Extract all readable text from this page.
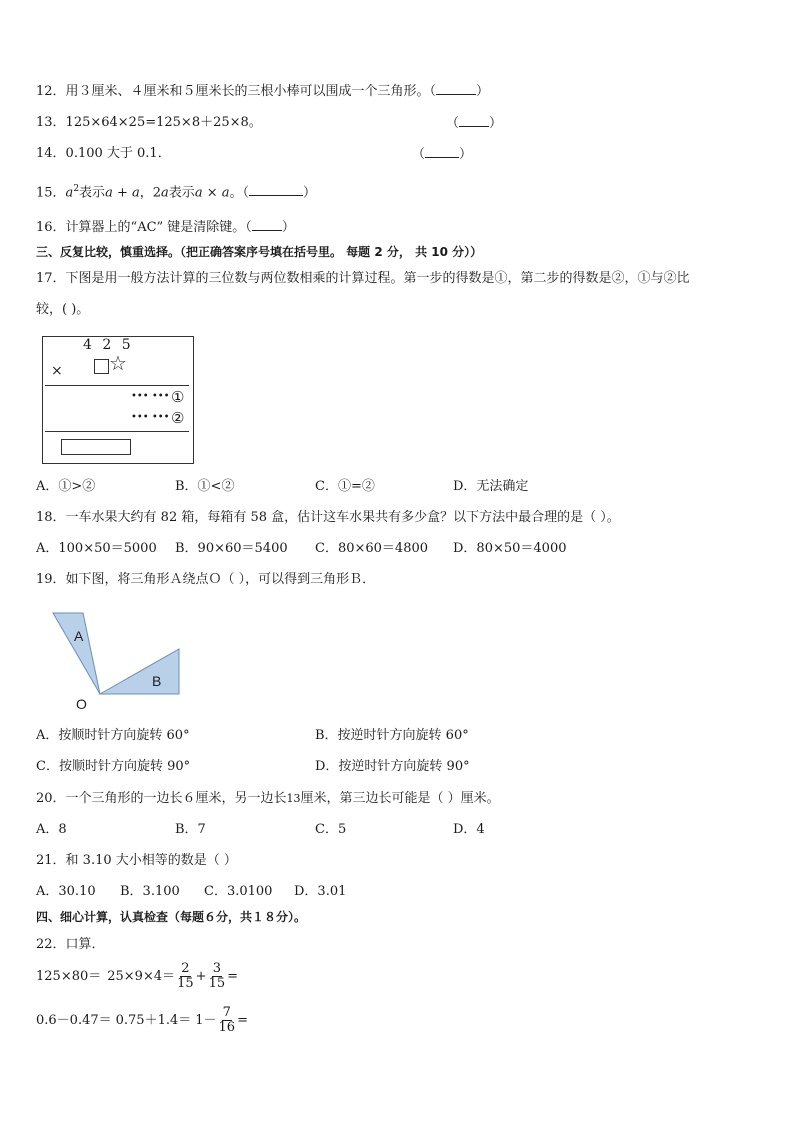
12．用３厘米、４厘米和５厘米长的三根小棒可以围成一个三角形。（	）
13．125×64×25=125×8＋25×8。	（ ）
14．0.100 大于 0.1．	（	）
15．$a^2$表示a + a，2a表示a × a。（	）
16．计算器上的“AC” 键是清除键。（ ）
三、反复比较，慎重选择。（把正确答案序号填在括号里。 每题 2 分， 共 10 分））
17．下图是用一般方法计算的三位数与两位数相乘的计算过程。第一步的得数是①，第二步的得数是②，①与②比
较，( )。
4 2 5
× ☆
••• ••• ①
••• ••• ②
A．①>②	B．①<②	C．①=②	D．无法确定
18．一车水果大约有 82 箱，每箱有 58 盒，估计这车水果共有多少盒？以下方法中最合理的是（ ）。
A．100×50＝5000 B．90×60＝5400 C．80×60＝4800 D．80×50＝4000
19．如下图，将三角形Ａ绕点Ｏ（ ），可以得到三角形Ｂ．
A
B
O
A．按顺时针方向旋转 60°	B．按逆时针方向旋转 60°
C．按顺时针方向旋转 90°	D．按逆时针方向旋转 90°
20．一个三角形的一边长６厘米，另一边长13厘米，第三边长可能是（ ）厘米。
A．8	B．7	C．5	D．4
21．和 3.10 大小相等的数是（ ）
A．30.10 B．3.100 C．3.0100 D．3.01
四、细心计算，认真检查（每题６分，共１８分）。
22．口算．
$125\times 80= 25\times 9\times 4= \frac{2}{15} + \frac{3}{15}$ =
$0.6-0.47= 0.75+1.4= 1- \frac{7}{16}$ =
